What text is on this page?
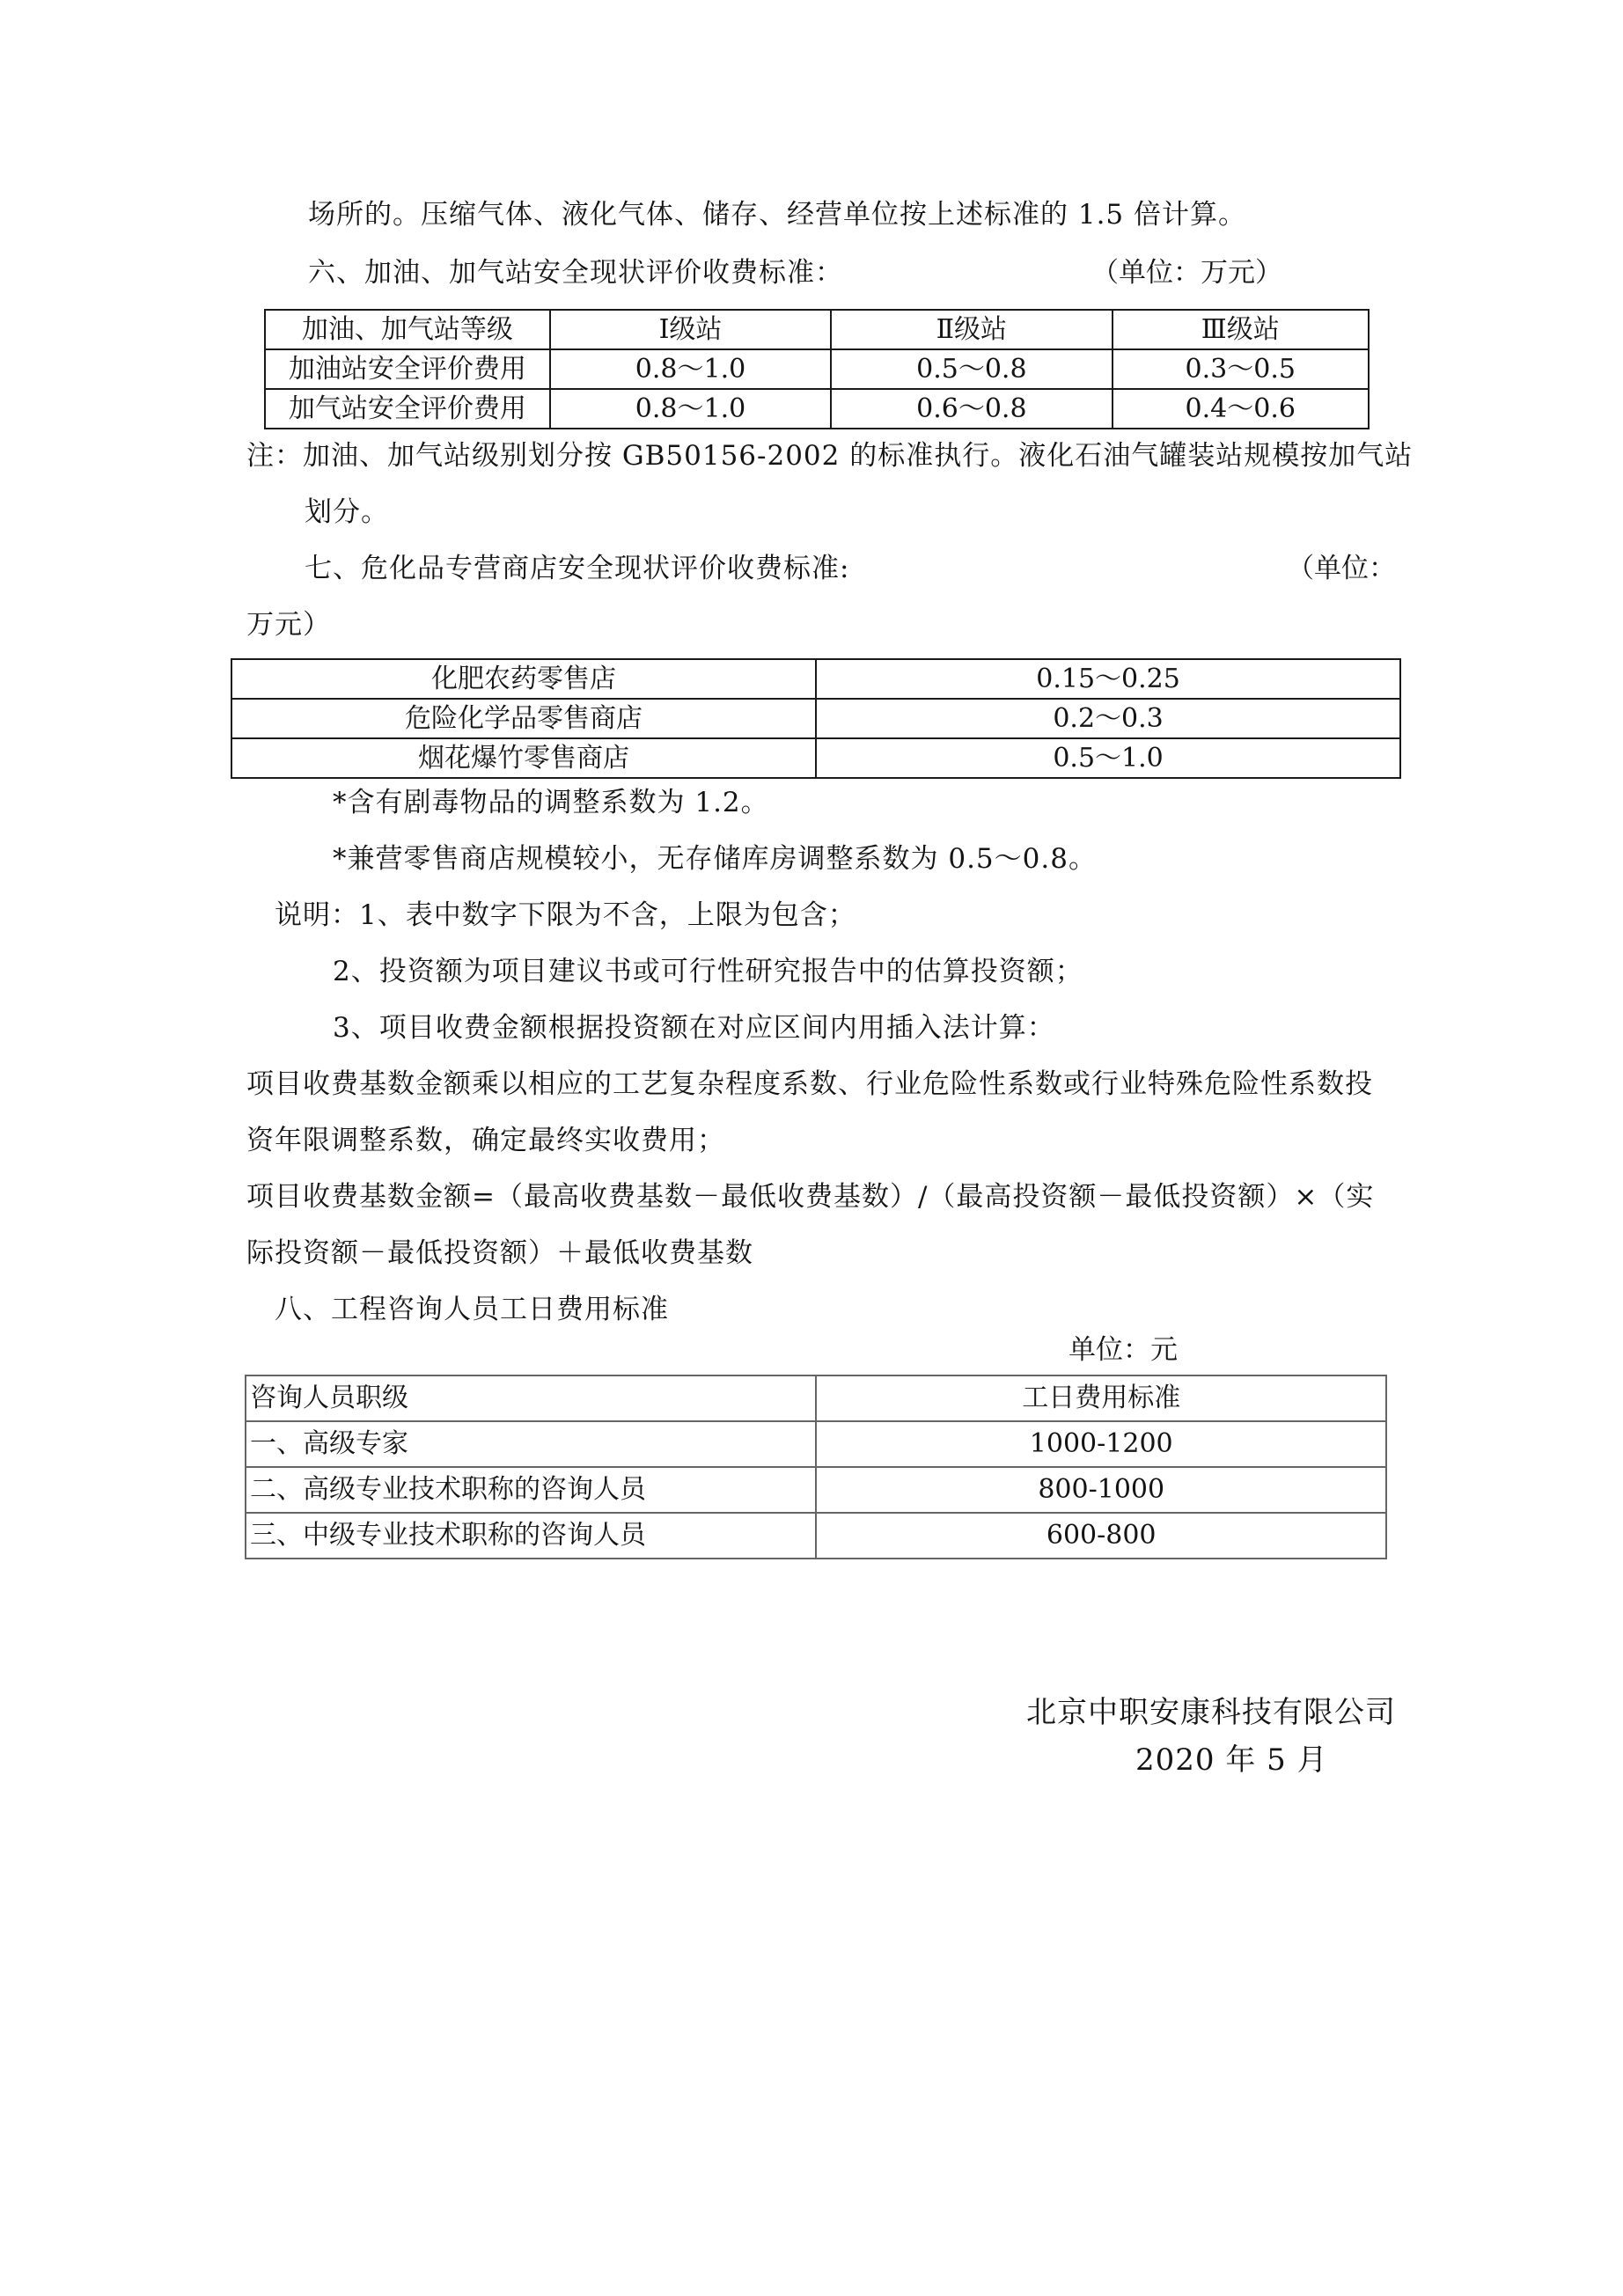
场所的。压缩气体、液化气体、储存、经营单位按上述标准的 1.5 倍计算。
六、加油、加气站安全现状评价收费标准：	（单位：万元）
加油、加气站等级	Ⅰ级站	Ⅱ级站	Ⅲ级站
加油站安全评价费用	0.8～1.0	0.5～0.8	0.3～0.5
加气站安全评价费用	0.8～1.0	0.6～0.8	0.4～0.6
注：加油、加气站级别划分按 GB50156-2002 的标准执行。液化石油气罐装站规模按加气站
划分。
七、危化品专营商店安全现状评价收费标准:	（单位：
万元）
化肥农药零售店	0.15～0.25
危险化学品零售商店	0.2～0.3
烟花爆竹零售商店	0.5～1.0
*含有剧毒物品的调整系数为 1.2。
*兼营零售商店规模较小，无存储库房调整系数为 0.5～0.8。
说明：1、表中数字下限为不含，上限为包含；
2、投资额为项目建议书或可行性研究报告中的估算投资额；
3、项目收费金额根据投资额在对应区间内用插入法计算：
项目收费基数金额乘以相应的工艺复杂程度系数、行业危险性系数或行业特殊危险性系数投
资年限调整系数，确定最终实收费用；
项目收费基数金额=（最高收费基数－最低收费基数）/（最高投资额－最低投资额）×（实
际投资额－最低投资额）＋最低收费基数
八、工程咨询人员工日费用标准
单位：元
咨询人员职级	工日费用标准
一、高级专家	1000-1200
二、高级专业技术职称的咨询人员	800-1000
三、中级专业技术职称的咨询人员	600-800
北京中职安康科技有限公司
2020 年 5 月
